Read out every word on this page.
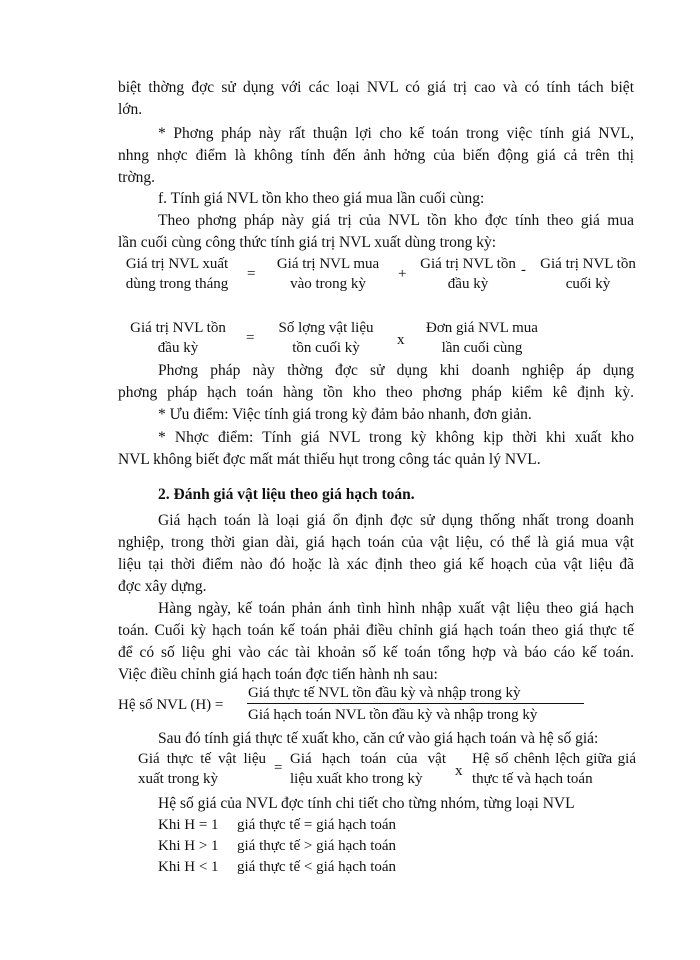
biệt thờng đợc sử dụng với các loại NVL có giá trị cao và có tính tách biệt
lớn.
* Phơng pháp này rất thuận lợi cho kế toán trong việc tính giá NVL,
nhng nhợc điểm là không tính đến ảnh hởng của biến động giá cả trên thị
trờng.
f. Tính giá NVL tồn kho theo giá mua lần cuối cùng:
Theo phơng pháp này giá trị của NVL tồn kho đợc tính theo giá mua
lần cuối cùng công thức tính giá trị NVL xuất dùng trong kỳ:
Giá trị NVL xuất dùng trong tháng
=
Giá trị NVL mua vào trong kỳ
+
Giá trị NVL tồn đầu kỳ
- Giá trị NVL tồn cuối kỳ
Giá trị NVL tồn đầu kỳ
=
Số lợng vật liệu tồn cuối kỳ	x
Đơn giá NVL mua lần cuối cùng
Phơng pháp này thờng đợc sử dụng khi doanh nghiệp áp dụng
phơng pháp hạch toán hàng tồn kho theo phơng pháp kiểm kê định kỳ.
* Ưu điểm: Việc tính giá trong kỳ đảm bảo nhanh, đơn giản.
* Nhợc điểm: Tính giá NVL trong kỳ không kịp thời khi xuất kho
NVL không biết đợc mất mát thiếu hụt trong công tác quản lý NVL.
2. Đánh giá vật liệu theo giá hạch toán.
Giá hạch toán là loại giá ổn định đợc sử dụng thống nhất trong doanh
nghiệp, trong thời gian dài, giá hạch toán của vật liệu, có thể là giá mua vật
liệu tại thời điểm nào đó hoặc là xác định theo giá kế hoạch của vật liệu đã
đợc xây dựng.
Hàng ngày, kế toán phản ánh tình hình nhập xuất vật liệu theo giá hạch
toán. Cuối kỳ hạch toán kế toán phải điều chỉnh giá hạch toán theo giá thực tế
để có số liệu ghi vào các tài khoản số kế toán tổng hợp và báo cáo kế toán.
Việc điều chỉnh giá hạch toán đợc tiến hành nh sau:
Hệ số NVL (H) =
Giá thực tế NVL tồn đầu kỳ và nhập trong kỳ
Giá hạch toán NVL tồn đầu kỳ và nhập trong kỳ
Sau đó tính giá thực tế xuất kho, căn cứ vào giá hạch toán và hệ số giá:
Giá thực tế vật liệu xuất trong kỳ
=
Giá hạch toán của vật liệu xuất kho trong kỳ	x
Hệ số chênh lệch giữa giá thực tế và hạch toán
Hệ số giá của NVL đợc tính chi tiết cho từng nhóm, từng loại NVL
Khi H = 1 giá thực tế = giá hạch toán
Khi H > 1 giá thực tế > giá hạch toán
Khi H < 1 giá thực tế < giá hạch toán
